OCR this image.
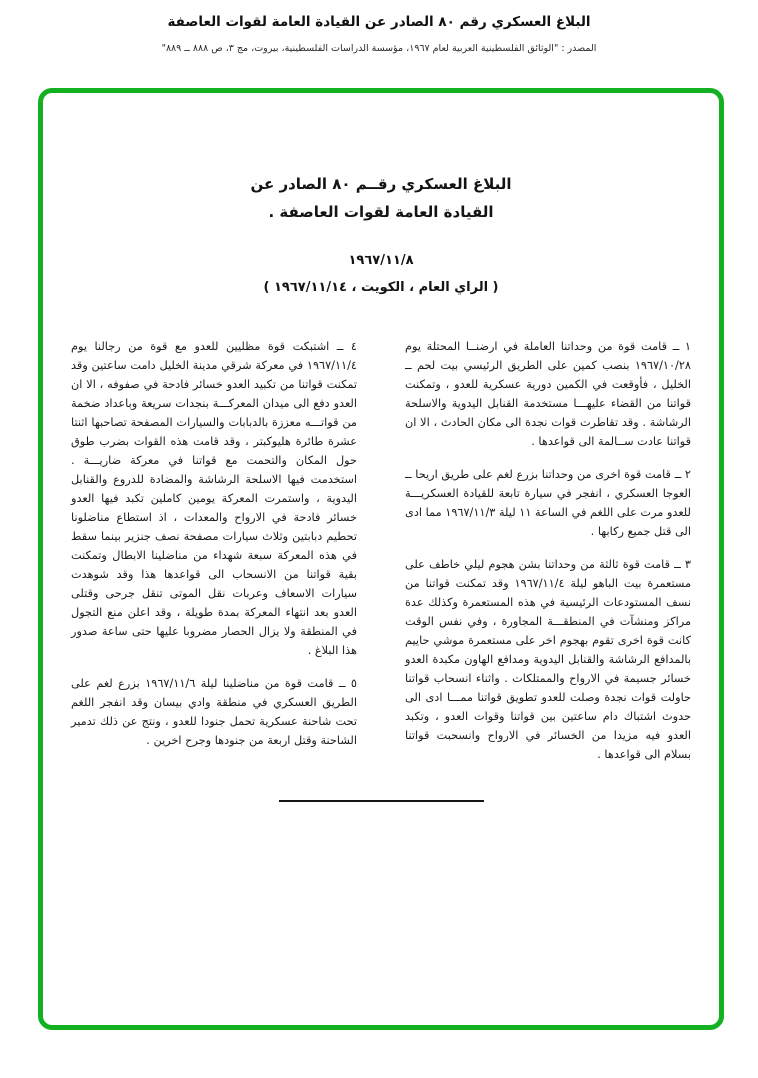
البلاغ العسكري رقم ٨٠ الصادر عن القيادة العامة لقوات العاصفة
المصدر : "الوثائق الفلسطينية العربية لعام ١٩٦٧، مؤسسة الدراسات الفلسطينية، بيروت، مج ٣، ص ٨٨٨ ــ ٨٨٩"
البلاغ العسكري رقــم ٨٠ الصادر عن
القيادة العامة لقوات العاصفة .
١٩٦٧/١١/٨
( الراي العام ، الكويت ، ١٩٦٧/١١/١٤ )

١ ــ قامت قوة من وحداتنا العاملة في ارضنــا المحتلة يوم ١٩٦٧/١٠/٢٨ بنصب كمين على الطريق الرئيسي بيت لحم ــ الخليل ، فأوقعت في الكمين دورية عسكرية للعدو ، وتمكنت قواتنا من القضاء عليهـــا مستخدمة القنابل اليدوية والاسلحة الرشاشة . وقد تقاطرت قوات نجدة الى مكان الحادث ، الا ان قواتنا عادت ســالمة الى قواعدها .

٢ ــ قامت قوة اخرى من وحداتنا بزرع لغم على طريق اريحا ــ العوجا العسكري ، انفجر في سيارة تابعة للقيادة العسكريـــة للعدو مرت على اللغم في الساعة ١١ ليلة ١٩٦٧/١١/٣ مما ادى الى قتل جميع ركابها .

٣ ــ قامت قوة ثالثة من وحداتنا بشن هجوم ليلي خاطف على مستعمرة بيت الباهو ليلة ١٩٦٧/١١/٤ وقد تمكنت قواتنا من نسف المستودعات الرئيسية في هذه المستعمرة وكذلك عدة مراكز ومنشآت في المنطقـــة المجاورة ، وفي نفس الوقت كانت قوة اخرى تقوم بهجوم اخر على مستعمرة موشي حاييم بالمدافع الرشاشة والقنابل اليدوية ومدافع الهاون مكبدة العدو خسائر جسيمة في الارواح والممتلكات . واثناء انسحاب قواتنا حاولت قوات نجدة وصلت للعدو تطويق قواتنا ممـــا ادى الى حدوث اشتباك دام ساعتين بين قواتنا وقوات العدو ، وتكبد العدو فيه مزيدا من الخسائر في الارواح وانسحبت قواتنا بسلام الى قواعدها .

٤ ــ اشتبكت قوة مظليين للعدو مع قوة من رجالنا يوم ١٩٦٧/١١/٤ في معركة شرقي مدينة الخليل دامت ساعتين وقد تمكنت قواتنا من تكبيد العدو خسائر فادحة في صفوفه ، الا ان العدو دفع الى ميدان المعركـــة بنجدات سريعة وباعداد ضخمة من قواتـــه معززة بالدبابات والسيارات المصفحة تصاحبها اثنتا عشرة طائرة هليوكبتر ، وقد قامت هذه القوات بضرب طوق حول المكان والتحمت مع قواتنا في معركة ضاريـــة . استخدمت فيها الاسلحة الرشاشة والمضادة للدروع والقنابل اليدوية ، واستمرت المعركة يومين كاملين تكبد فيها العدو خسائر فادحة في الارواح والمعدات ، اذ استطاع مناضلونا تحطيم دبابتين وثلاث سيارات مصفحة نصف جنزير بينما سقط في هذه المعركة سبعة شهداء من مناضلينا الابطال وتمكنت بقية قواتنا من الانسحاب الى قواعدها هذا وقد شوهدت سيارات الاسعاف وعربات نقل الموتى تنقل جرحى وقتلى العدو بعد انتهاء المعركة بمدة طويلة ، وقد اعلن منع التجول في المنطقة ولا يزال الحصار مضروبا عليها حتى ساعة صدور هذا البلاغ .

٥ ــ قامت قوة من مناضلينا ليلة ١٩٦٧/١١/٦ بزرع لغم على الطريق العسكري في منطقة وادي بيسان وقد انفجر اللغم تحت شاحنة عسكرية تحمل جنودا للعدو ، ونتج عن ذلك تدمير الشاحنة وقتل اربعة من جنودها وجرح اخرين .
